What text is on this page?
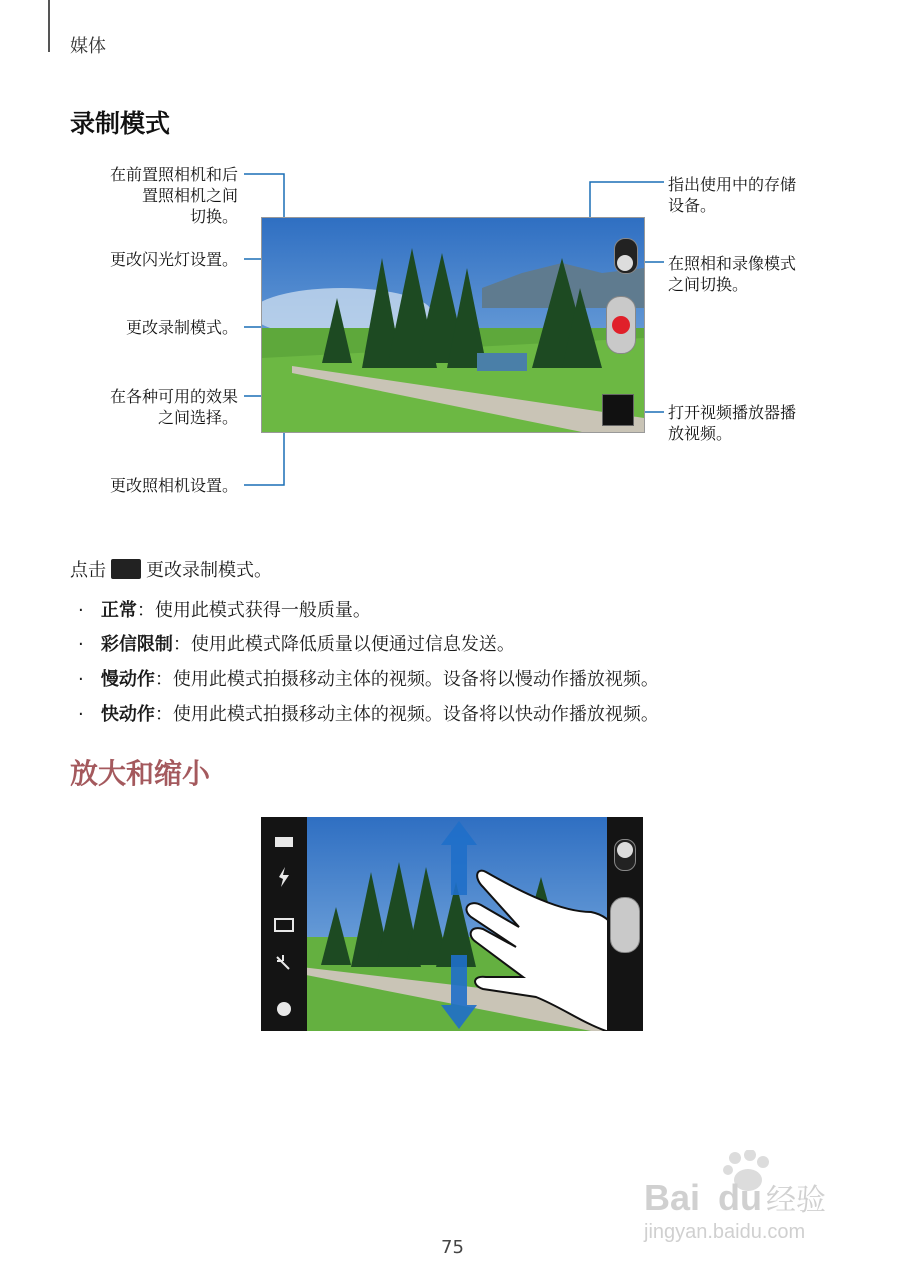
媒体
录制模式
在前置照相机和后
置照相机之间
切换。
更改闪光灯设置。
更改录制模式。
在各种可用的效果
之间选择。
更改照相机设置。
指出使用中的存储
设备。
在照相和录像模式
之间切换。
打开视频播放器播
放视频。
点击 更改录制模式。
·   正常：使用此模式获得一般质量。
·   彩信限制：使用此模式降低质量以便通过信息发送。
·   慢动作：使用此模式拍摄移动主体的视频。设备将以慢动作播放视频。
·   快动作：使用此模式拍摄移动主体的视频。设备将以快动作播放视频。
放大和缩小
Bai du 经验
jingyan.baidu.com
75
